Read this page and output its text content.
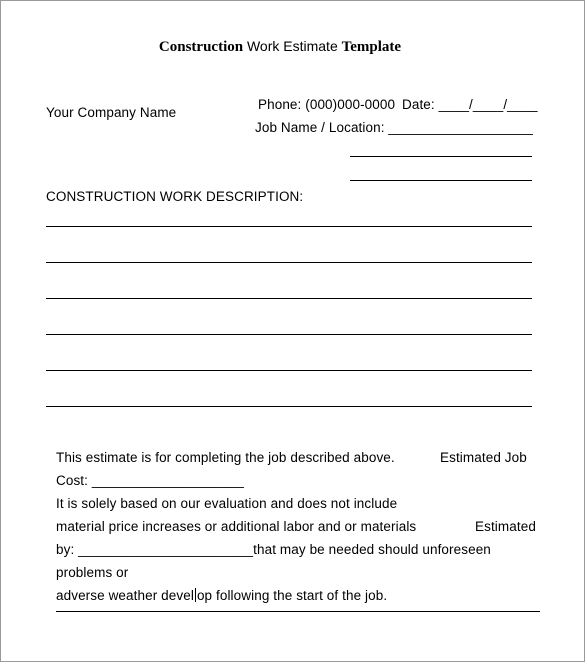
Construction Work Estimate Template
Your Company Name
Phone: (000)000-0000 Date: ____/____/____
Job Name / Location: ___________________
CONSTRUCTION WORK DESCRIPTION:
This estimate is for completing the job described above.	Estimated Job
Cost: ____________________
It is solely based on our evaluation and does not include
material price increases or additional labor and or materials	Estimated
by: _______________________that may be needed should unforeseen
problems or
adverse weather devel op following the start of the job.
